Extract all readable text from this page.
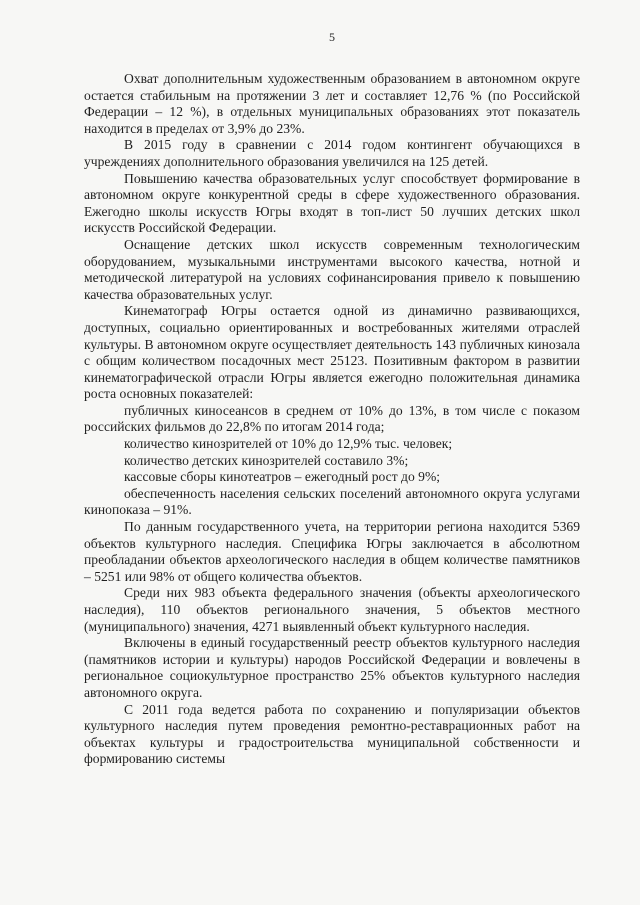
5

Охват дополнительным художественным образованием в автономном округе остается стабильным на протяжении 3 лет и составляет 12,76 % (по Российской Федерации – 12 %), в отдельных муниципальных образованиях этот показатель находится в пределах от 3,9% до 23%.

В 2015 году в сравнении с 2014 годом контингент обучающихся в учреждениях дополнительного образования увеличился на 125 детей.

Повышению качества образовательных услуг способствует формирование в автономном округе конкурентной среды в сфере художественного образования. Ежегодно школы искусств Югры входят в топ-лист 50 лучших детских школ искусств Российской Федерации.

Оснащение детских школ искусств современным технологическим оборудованием, музыкальными инструментами высокого качества, нотной и методической литературой на условиях софинансирования привело к повышению качества образовательных услуг.

Кинематограф Югры остается одной из динамично развивающихся, доступных, социально ориентированных и востребованных жителями отраслей культуры. В автономном округе осуществляет деятельность 143 публичных кинозала с общим количеством посадочных мест 25123. Позитивным фактором в развитии кинематографической отрасли Югры является ежегодно положительная динамика роста основных показателей:

публичных киносеансов в среднем от 10% до 13%, в том числе с показом российских фильмов до 22,8% по итогам 2014 года;

количество кинозрителей от 10% до 12,9% тыс. человек;

количество детских кинозрителей составило 3%;

кассовые сборы кинотеатров – ежегодный рост до 9%;

обеспеченность населения сельских поселений автономного округа услугами кинопоказа – 91%.

По данным государственного учета, на территории региона находится 5369 объектов культурного наследия. Специфика Югры заключается в абсолютном преобладании объектов археологического наследия в общем количестве памятников – 5251 или 98% от общего количества объектов.

Среди них 983 объекта федерального значения (объекты археологического наследия), 110 объектов регионального значения, 5 объектов местного (муниципального) значения, 4271 выявленный объект культурного наследия.

Включены в единый государственный реестр объектов культурного наследия (памятников истории и культуры) народов Российской Федерации и вовлечены в региональное социокультурное пространство 25% объектов культурного наследия автономного округа.

С 2011 года ведется работа по сохранению и популяризации объектов культурного наследия путем проведения ремонтно-реставрационных работ на объектах культуры и градостроительства муниципальной собственности и формированию системы
